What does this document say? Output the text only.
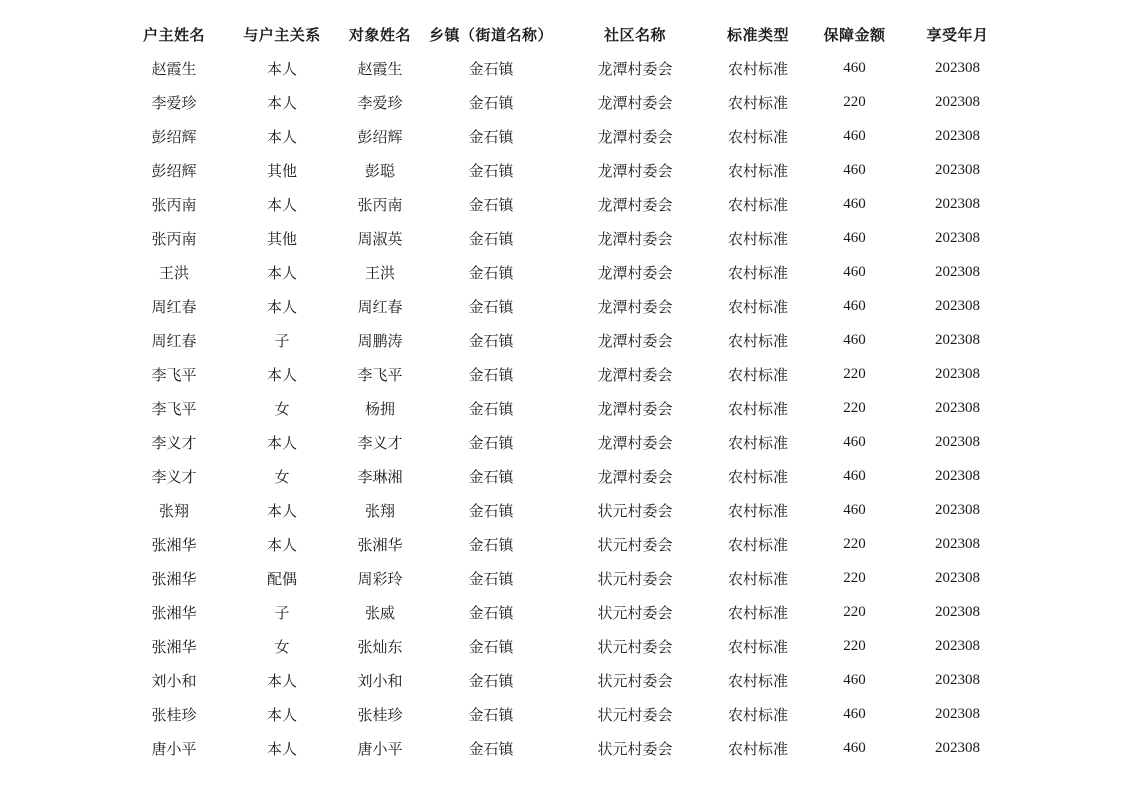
户主姓名	与户主关系	对象姓名	乡镇（街道名称）	社区名称	标准类型	保障金额	享受年月
赵霞生	本人	赵霞生	金石镇	龙潭村委会	农村标准	460	202308
李爱珍	本人	李爱珍	金石镇	龙潭村委会	农村标准	220	202308
彭绍辉	本人	彭绍辉	金石镇	龙潭村委会	农村标准	460	202308
彭绍辉	其他	彭聪	金石镇	龙潭村委会	农村标准	460	202308
张丙南	本人	张丙南	金石镇	龙潭村委会	农村标准	460	202308
张丙南	其他	周淑英	金石镇	龙潭村委会	农村标准	460	202308
王洪	本人	王洪	金石镇	龙潭村委会	农村标准	460	202308
周红春	本人	周红春	金石镇	龙潭村委会	农村标准	460	202308
周红春	子	周鹏涛	金石镇	龙潭村委会	农村标准	460	202308
李飞平	本人	李飞平	金石镇	龙潭村委会	农村标准	220	202308
李飞平	女	杨拥	金石镇	龙潭村委会	农村标准	220	202308
李义才	本人	李义才	金石镇	龙潭村委会	农村标准	460	202308
李义才	女	李琳湘	金石镇	龙潭村委会	农村标准	460	202308
张翔	本人	张翔	金石镇	状元村委会	农村标准	460	202308
张湘华	本人	张湘华	金石镇	状元村委会	农村标准	220	202308
张湘华	配偶	周彩玲	金石镇	状元村委会	农村标准	220	202308
张湘华	子	张威	金石镇	状元村委会	农村标准	220	202308
张湘华	女	张灿东	金石镇	状元村委会	农村标准	220	202308
刘小和	本人	刘小和	金石镇	状元村委会	农村标准	460	202308
张桂珍	本人	张桂珍	金石镇	状元村委会	农村标准	460	202308
唐小平	本人	唐小平	金石镇	状元村委会	农村标准	460	202308
